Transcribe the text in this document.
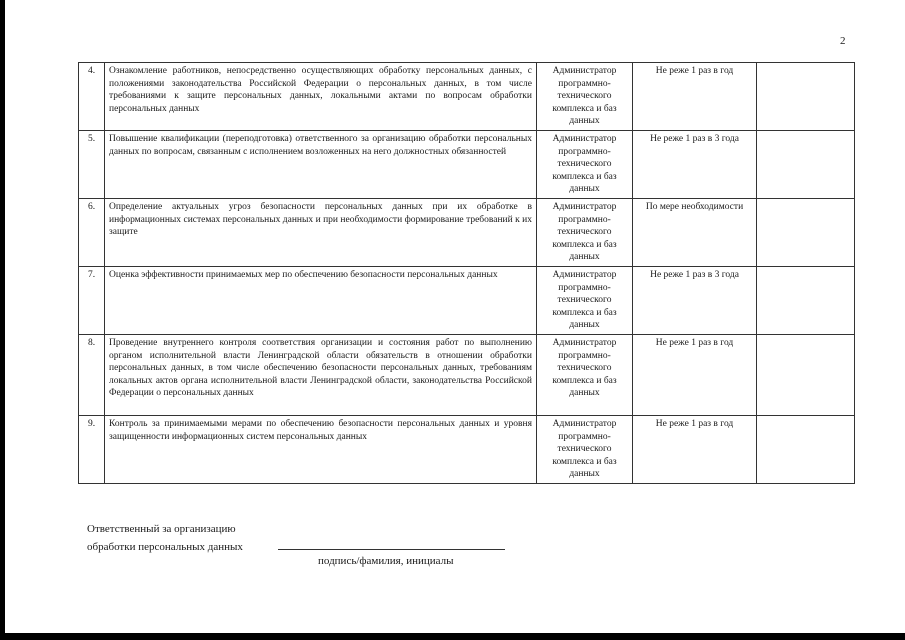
2
4.	Ознакомление работников, непосредственно осуществляющих обработку персональных данных, с положениями законодательства Российской Федерации о персональных данных, в том числе требованиями к защите персональных данных, локальными актами по вопросам обработки персональных данных	Администратор программно-технического комплекса и баз данных	Не реже 1 раз в год	
5.	Повышение квалификации (переподготовка) ответственного за организацию обработки персональных данных по вопросам, связанным с исполнением возложенных на него должностных обязанностей	Администратор программно-технического комплекса и баз данных	Не реже 1 раз в 3 года	
6.	Определение актуальных угроз безопасности персональных данных при их обработке в информационных системах персональных данных и при необходимости формирование требований к их защите	Администратор программно-технического комплекса и баз данных	По мере необходимости	
7.	Оценка эффективности принимаемых мер по обеспечению безопасности персональных данных	Администратор программно-технического комплекса и баз данных	Не реже 1 раз в 3 года	
8.	Проведение внутреннего контроля соответствия организации и состояния работ по выполнению органом исполнительной власти Ленинградской области обязательств в отношении обработки персональных данных, в том числе обеспечению безопасности персональных данных, требованиям локальных актов органа исполнительной власти Ленинградской области, законодательства Российской Федерации о персональных данных	Администратор программно-технического комплекса и баз данных	Не реже 1 раз в год	
9.	Контроль за принимаемыми мерами по обеспечению безопасности персональных данных и уровня защищенности информационных систем персональных данных	Администратор программно-технического комплекса и баз данных	Не реже 1 раз в год	
Ответственный за организацию
обработки персональных данных
подпись/фамилия, инициалы
